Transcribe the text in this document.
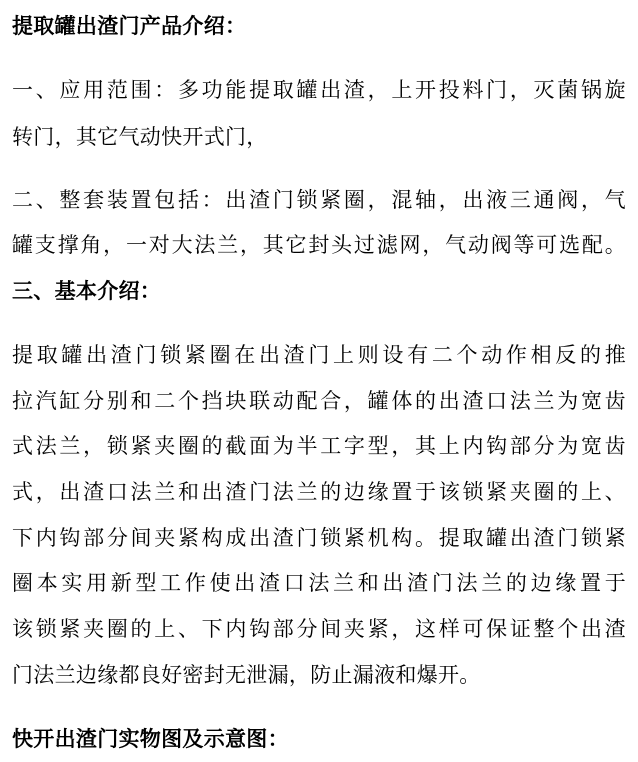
提取罐出渣门产品介绍：
一、应用范围：多功能提取罐出渣，上开投料门，灭菌锅旋
转门，其它气动快开式门，
二、整套装置包括：出渣门锁紧圈，混轴，出液三通阀，气
罐支撑角，一对大法兰，其它封头过滤网，气动阀等可选配。
三、基本介绍：
提取罐出渣门锁紧圈在出渣门上则设有二个动作相反的推
拉汽缸分别和二个挡块联动配合，罐体的出渣口法兰为宽齿
式法兰，锁紧夹圈的截面为半工字型，其上内钩部分为宽齿
式，出渣口法兰和出渣门法兰的边缘置于该锁紧夹圈的上、
下内钩部分间夹紧构成出渣门锁紧机构。提取罐出渣门锁紧
圈本实用新型工作使出渣口法兰和出渣门法兰的边缘置于
该锁紧夹圈的上、下内钩部分间夹紧，这样可保证整个出渣
门法兰边缘都良好密封无泄漏，防止漏液和爆开。
快开出渣门实物图及示意图：
